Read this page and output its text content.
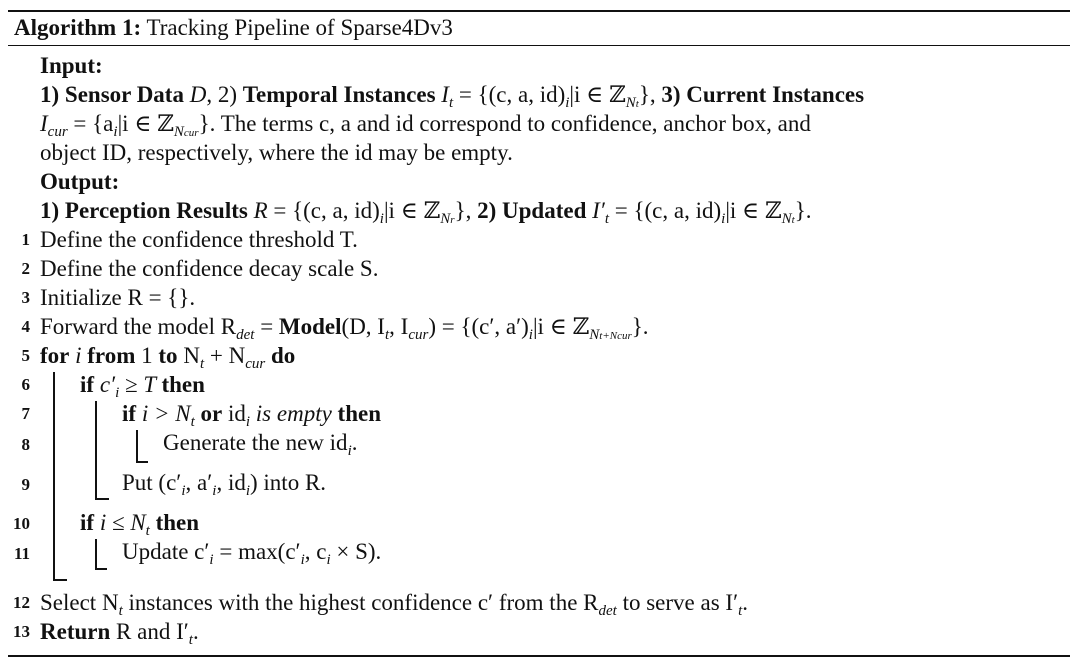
Algorithm 1: Tracking Pipeline of Sparse4Dv3
Input:
1) Sensor Data D, 2) Temporal Instances $I_t = \{(c$, a, $id)_i|i$ ∈ ℤ$_{Nt}$}, 3) Current Instances
$I_{cur} = \{a_i|i$ ∈ ℤ$_{Ncur}$}. The terms c, a and id correspond to confidence, anchor box, and
object ID, respectively, where the id may be empty.
Output:
1) Perception Results R = {(c, a, $id)_i|i$ ∈ ℤ$_{Nr}$}, 2) Updated $I'_t = \{(c$, a, $id)_i|i$ ∈ ℤ$_{Nt}$}.
1 Define the confidence threshold T.
2 Define the confidence decay scale S.
3 Initialize R = {}.
4 Forward the model $R_{det}$ = Model(D, $I_t$, $I_{cur}) = \{(c'$, $a')_i|i$ ∈ ℤ$_{Nt+Ncur}$}.
5 for i from 1 to $N_t + N_{cur}$ do
6 if $c'_i \ge T$ then
7	if $i > N_t$ or $id_i$ is empty then
8	Generate the new $id_i$.
9	Put ($c'_i$, $a'_i$, $id_i$) into R.
10 if $i \le N_t$ then
11	Update $c'_i = \max(c'_i$, $c_i \times S$).
12 Select $N_t$ instances with the highest confidence c′ from the $R_{det}$ to serve as $I'_t$.
13 Return R and $I'_t$.
